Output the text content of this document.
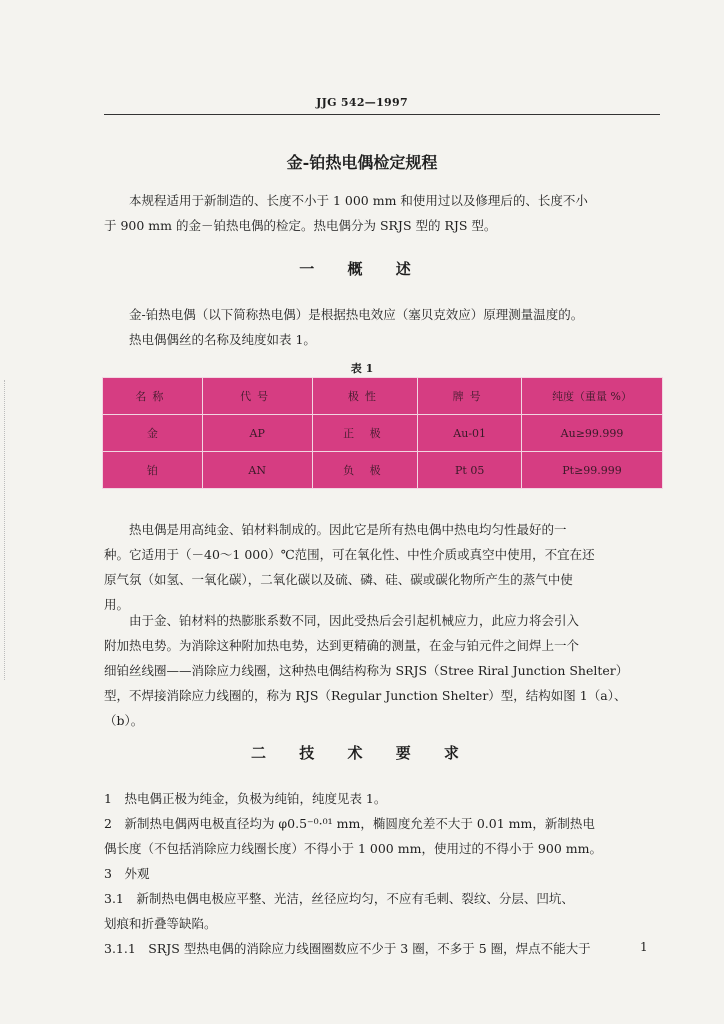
JJG 542—1997
金-铂热电偶检定规程
本规程适用于新制造的、长度不小于 1 000 mm 和使用过以及修理后的、长度不小
于 900 mm 的金－铂热电偶的检定。热电偶分为 SRJS 型的 RJS 型。
一 概 述
金-铂热电偶（以下简称热电偶）是根据热电效应（塞贝克效应）原理测量温度的。
热电偶偶丝的名称及纯度如表 1。
表 1
名称	代号	极性	牌号	纯度（重量 %）
金	AP	正 极	Au-01	Au≥99.999
铂	AN	负 极	Pt 05	Pt≥99.999
热电偶是用高纯金、铂材料制成的。因此它是所有热电偶中热电均匀性最好的一
种。它适用于（－40～1 000）℃范围，可在氧化性、中性介质或真空中使用，不宜在还
原气氛（如氢、一氧化碳），二氧化碳以及硫、磷、硅、碳或碳化物所产生的蒸气中使
用。
由于金、铂材料的热膨胀系数不同，因此受热后会引起机械应力，此应力将会引入
附加热电势。为消除这种附加热电势，达到更精确的测量，在金与铂元件之间焊上一个
细铂丝线圈——消除应力线圈，这种热电偶结构称为 SRJS（Stree Riral Junction Shelter）
型，不焊接消除应力线圈的，称为 RJS（Regular Junction Shelter）型，结构如图 1（a）、
（b）。
二 技 术 要 求
1　热电偶正极为纯金，负极为纯铂，纯度见表 1。
2　新制热电偶两电极直径均为 φ0.5⁻⁰·⁰¹ mm，椭圆度允差不大于 0.01 mm，新制热电
偶长度（不包括消除应力线圈长度）不得小于 1 000 mm，使用过的不得小于 900 mm。
3　外观
3.1　新制热电偶电极应平整、光洁，丝径应均匀，不应有毛刺、裂纹、分层、凹坑、
划痕和折叠等缺陷。
3.1.1　SRJS 型热电偶的消除应力线圈圈数应不少于 3 圈，不多于 5 圈，焊点不能大于	1
